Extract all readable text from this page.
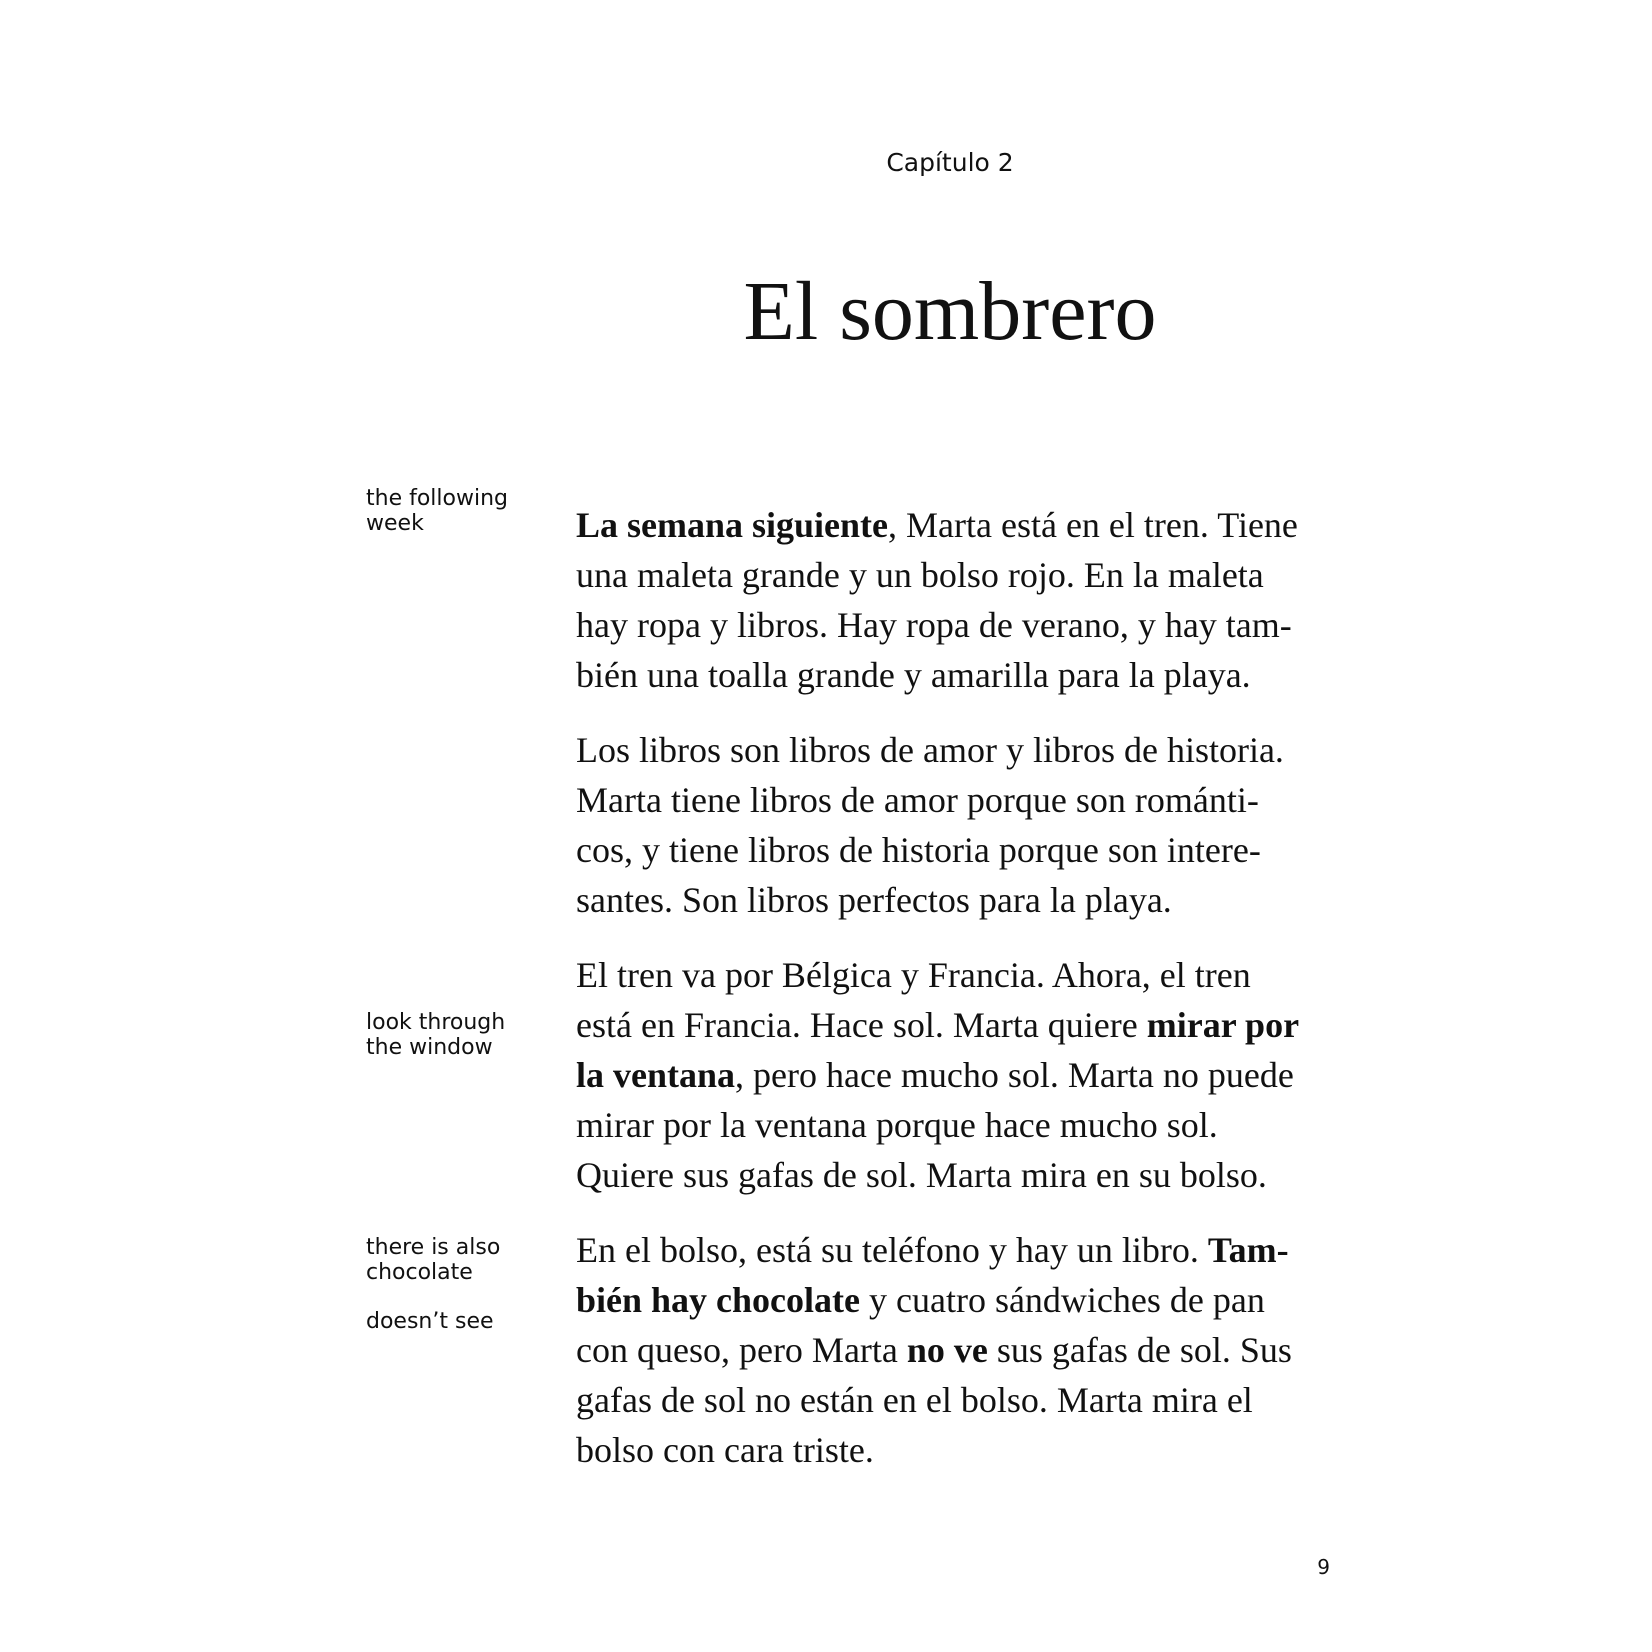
Capítulo 2
El sombrero
the following
week
look through
the window
there is also
chocolate
doesn’t see
La semana siguiente, Marta está en el tren. Tiene
una maleta grande y un bolso rojo. En la maleta
hay ropa y libros. Hay ropa de verano, y hay tam-
bién una toalla grande y amarilla para la playa.
Los libros son libros de amor y libros de historia.
Marta tiene libros de amor porque son románti-
cos, y tiene libros de historia porque son intere-
santes. Son libros perfectos para la playa.
El tren va por Bélgica y Francia. Ahora, el tren
está en Francia. Hace sol. Marta quiere mirar por
la ventana, pero hace mucho sol. Marta no puede
mirar por la ventana porque hace mucho sol.
Quiere sus gafas de sol. Marta mira en su bolso.
En el bolso, está su teléfono y hay un libro. Tam-
bién hay chocolate y cuatro sándwiches de pan
con queso, pero Marta no ve sus gafas de sol. Sus
gafas de sol no están en el bolso. Marta mira el
bolso con cara triste.
9
